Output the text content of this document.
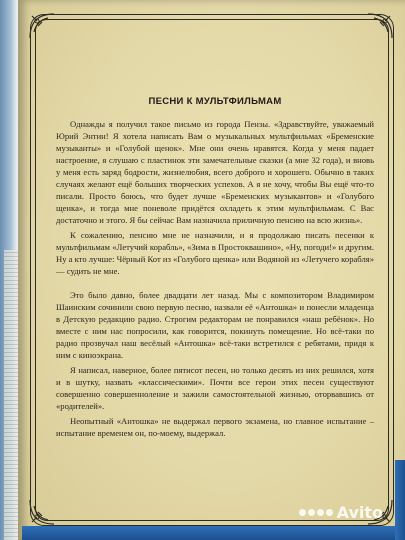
ПЕСНИ К МУЛЬТФИЛЬМАМ

Однажды я получил такое письмо из города Пензы. «Здравствуйте, уважаемый Юрий Энтин! Я хотела написать Вам о музыкальных мультфильмах «Бременские музыканты» и «Голубой щенок». Мне они очень нравятся. Когда у меня падает настроение, я слушаю с пластинок эти замечательные сказки (а мне 32 года), и вновь у меня есть заряд бодрости, жизнелюбия, всего доброго и хорошего. Обычно в таких случаях желают ещё больших творческих успехов. А я не хочу, чтобы Вы ещё что-то писали. Просто боюсь, что будет лучше «Бременских музыкантов» и «Голубого щенка», и тогда мне поневоле придётся охладеть к этим мультфильмам. С Вас достаточно и этого. Я бы сейчас Вам назначила приличную пенсию на всю жизнь».

К сожалению, пенсию мне не назначили, и я продолжаю писать песенки к мультфильмам «Летучий корабль», «Зима в Простоквашино», «Ну, погоди!» и другим. Ну а кто лучше: Чёрный Кот из «Голубого щенка» или Водяной из «Летучего корабля» — судить не мне.

Это было давно, более двадцати лет назад. Мы с композитором Владимиром Шаинским сочинили свою первую песню, назвали её «Антошка» и понесли младенца в Детскую редакцию радио. Строгим редакторам не понравился «наш ребёнок». Но вместе с ним нас попросили, как говорится, покинуть помещение. Но всё-таки по радио прозвучал наш весёлый «Антошка» всё-таки встретился с ребятами, придя к ним с киноэкрана.

Я написал, наверное, более пятисот песен, но только десять из них решился, хотя и в шутку, назвать «классическими». Почти все герои этих песен существуют совершенно совершенноление и зажили самостоятельной жизнью, оторвавшись от «родителей».

Неопытный «Антошка» не выдержал первого экзамена, но главное испытание – испытание временем он, по-моему, выдержал.

Avito
